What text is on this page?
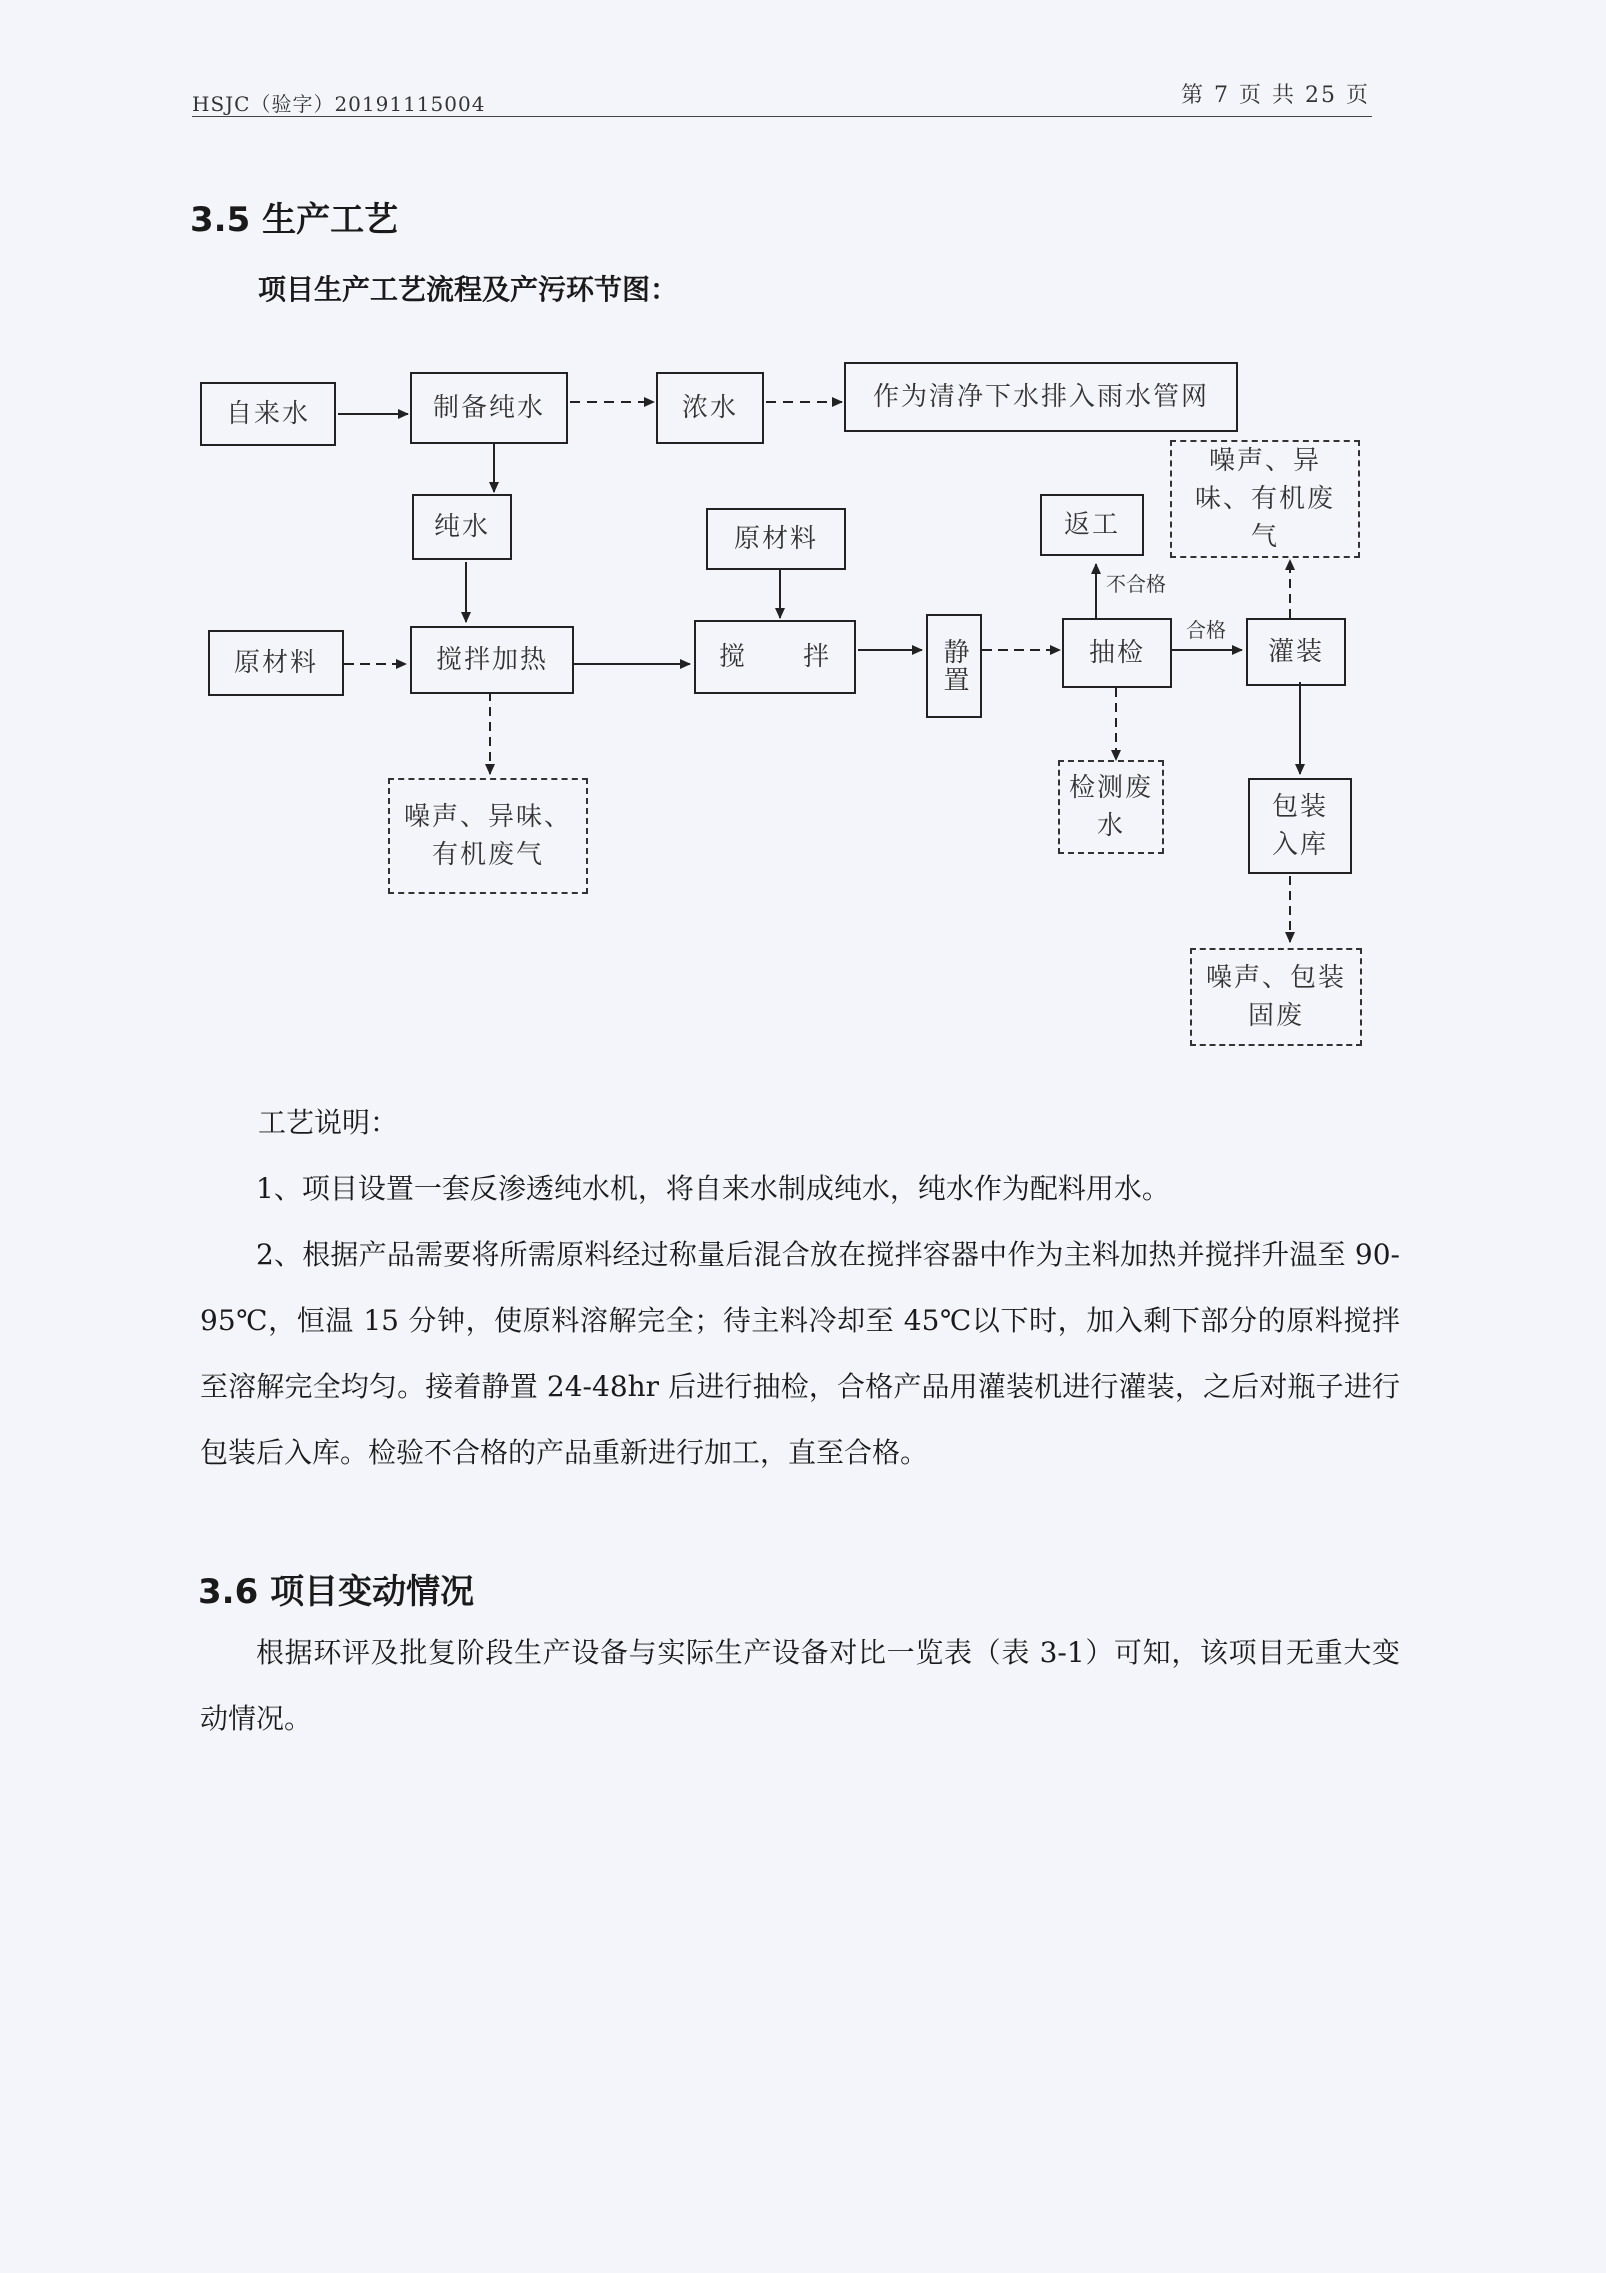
HSJC（验字）2019111500​4	第 7 页 共 25 页
3.5 生产工艺
项目生产工艺流程及产污环节图：
自来水	制备纯水	浓水	作为清净下水排入雨水管网
纯水
原材料	搅拌加热
原材料
搅　　拌	静置	抽检	灌装
返工
不合格
合格
噪声、异味、有机废气
噪声、异味、有机废气
检测废水
包装入库
噪声、包装固废
工艺说明：
1、项目设置一套反渗透纯水机，将自来水制成纯水，纯水作为配料用水。
2、根据产品需要将所需原料经过称量后混合放在搅拌容器中作为主料加热并搅拌升温至 90-95℃，恒温 15 分钟，使原料溶解完全；待主料冷却至 45℃以下时，加入剩下部分的原料搅拌至溶解完全均匀。接着静置 24-48hr 后进行抽检，合格产品用灌装机进行灌装，之后对瓶子进行包装后入库。检验不合格的产品重新进行加工，直至合格。
3.6 项目变动情况
根据环评及批复阶段生产设备与实际生产设备对比一览表（表 3-1）可知，该项目无重大变动情况。
